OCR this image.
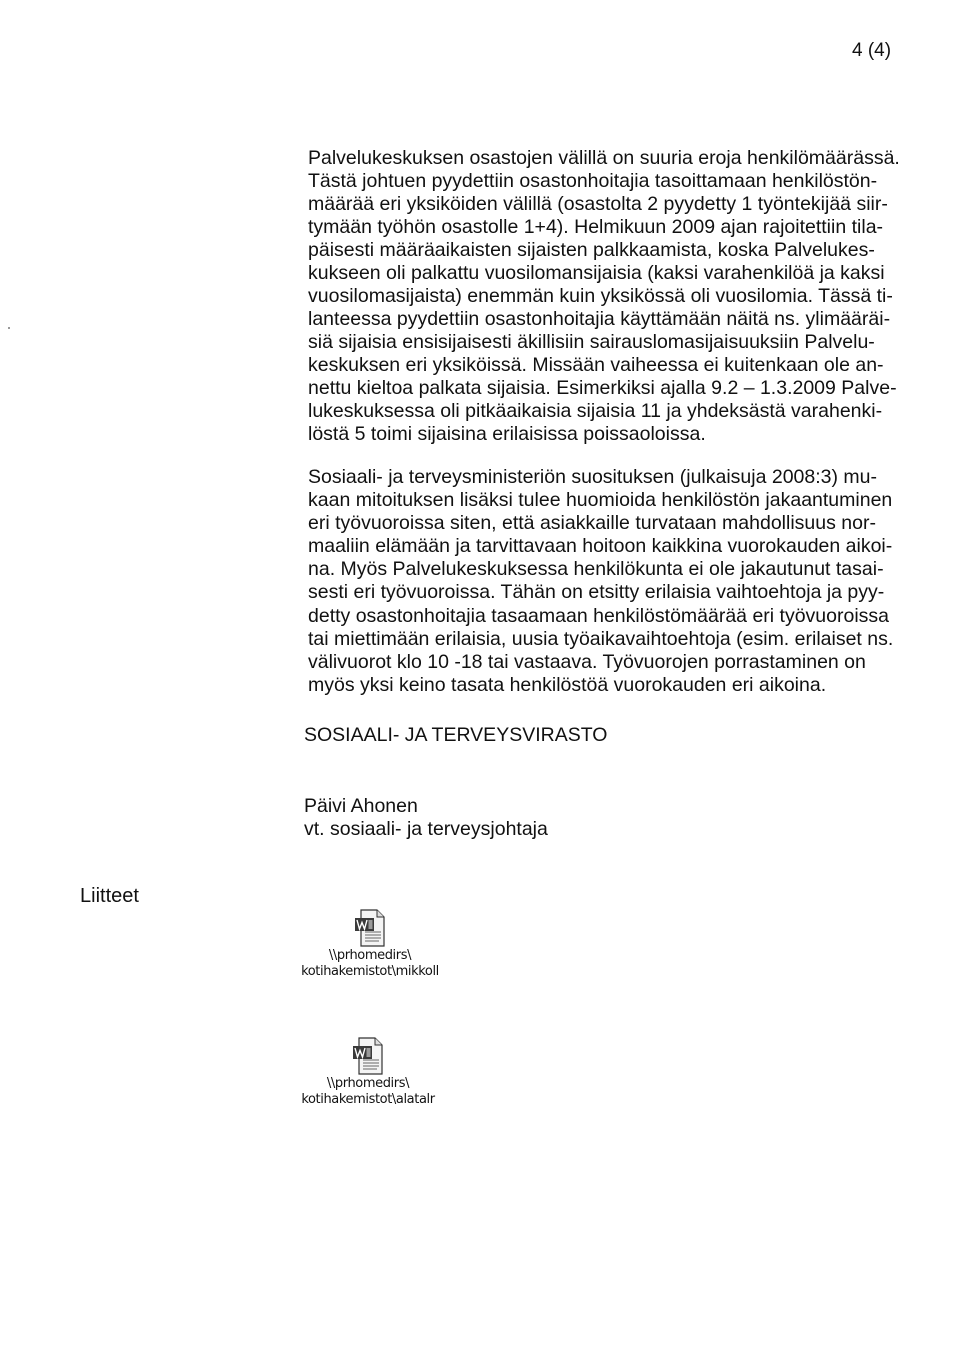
4 (4)
Palvelukeskuksen osastojen välillä on suuria eroja henkilömäärässä.
Tästä johtuen pyydettiin osastonhoitajia tasoittamaan henkilöstön-
määrää eri yksiköiden välillä (osastolta 2 pyydetty 1 työntekijää siir-
tymään työhön osastolle 1+4). Helmikuun 2009 ajan rajoitettiin tila-
päisesti määräaikaisten sijaisten palkkaamista, koska Palvelukes-
kukseen oli palkattu vuosilomansijaisia (kaksi varahenkilöä ja kaksi
vuosilomasijaista) enemmän kuin yksikössä oli vuosilomia. Tässä ti-
lanteessa pyydettiin osastonhoitajia käyttämään näitä ns. ylimääräi-
siä sijaisia ensisijaisesti äkillisiin sairauslomasijaisuuksiin Palvelu-
keskuksen eri yksiköissä. Missään vaiheessa ei kuitenkaan ole an-
nettu kieltoa palkata sijaisia. Esimerkiksi ajalla 9.2 – 1.3.2009 Palve-
lukeskuksessa oli pitkäaikaisia sijaisia 11 ja yhdeksästä varahenki-
löstä 5 toimi sijaisina erilaisissa poissaoloissa.
Sosiaali- ja terveysministeriön suosituksen (julkaisuja 2008:3) mu-
kaan mitoituksen lisäksi tulee huomioida henkilöstön jakaantuminen
eri työvuoroissa siten, että asiakkaille turvataan mahdollisuus nor-
maaliin elämään ja tarvittavaan hoitoon kaikkina vuorokauden aikoi-
na. Myös Palvelukeskuksessa henkilökunta ei ole jakautunut tasai-
sesti eri työvuoroissa. Tähän on etsitty erilaisia vaihtoehtoja ja pyy-
detty osastonhoitajia tasaamaan henkilöstömäärää eri työvuoroissa
tai miettimään erilaisia, uusia työaikavaihtoehtoja (esim. erilaiset ns.
välivuorot klo 10 -18 tai vastaava. Työvuorojen porrastaminen on
myös yksi keino tasata henkilöstöä vuorokauden eri aikoina.
SOSIAALI- JA TERVEYSVIRASTO
Päivi Ahonen
vt. sosiaali- ja terveysjohtaja
Liitteet
\\prhomedirs\
kotihakemistot\mikkoll
\\prhomedirs\
kotihakemistot\alatalr
